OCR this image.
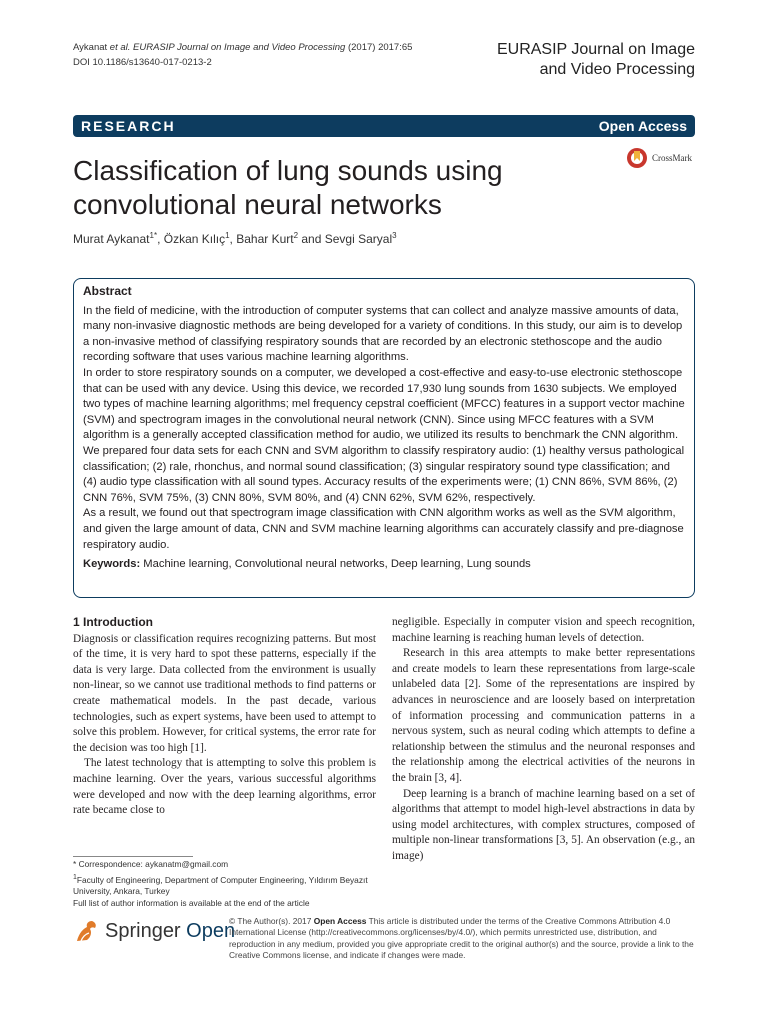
Aykanat et al. EURASIP Journal on Image and Video Processing (2017) 2017:65
DOI 10.1186/s13640-017-0213-2
EURASIP Journal on Image
and Video Processing
RESEARCH	Open Access
Classification of lung sounds using convolutional neural networks
CrossMark
Murat Aykanat$^{1*}$, Özkan Kılıç$^1$, Bahar Kurt$^2$ and Sevgi Saryal$^3$
Abstract

In the field of medicine, with the introduction of computer systems that can collect and analyze massive amounts of data, many non-invasive diagnostic methods are being developed for a variety of conditions. In this study, our aim is to develop a non-invasive method of classifying respiratory sounds that are recorded by an electronic stethoscope and the audio recording software that uses various machine learning algorithms.

In order to store respiratory sounds on a computer, we developed a cost-effective and easy-to-use electronic stethoscope that can be used with any device. Using this device, we recorded 17,930 lung sounds from 1630 subjects. We employed two types of machine learning algorithms; mel frequency cepstral coefficient (MFCC) features in a support vector machine (SVM) and spectrogram images in the convolutional neural network (CNN). Since using MFCC features with a SVM algorithm is a generally accepted classification method for audio, we utilized its results to benchmark the CNN algorithm. We prepared four data sets for each CNN and SVM algorithm to classify respiratory audio: (1) healthy versus pathological classification; (2) rale, rhonchus, and normal sound classification; (3) singular respiratory sound type classification; and (4) audio type classification with all sound types. Accuracy results of the experiments were; (1) CNN 86%, SVM 86%, (2) CNN 76%, SVM 75%, (3) CNN 80%, SVM 80%, and (4) CNN 62%, SVM 62%, respectively.

As a result, we found out that spectrogram image classification with CNN algorithm works as well as the SVM algorithm, and given the large amount of data, CNN and SVM machine learning algorithms can accurately classify and pre-diagnose respiratory audio.

Keywords: Machine learning, Convolutional neural networks, Deep learning, Lung sounds

1 Introduction

Diagnosis or classification requires recognizing patterns. But most of the time, it is very hard to spot these patterns, especially if the data is very large. Data collected from the environment is usually non-linear, so we cannot use traditional methods to find patterns or create mathematical models. In the past decade, various technologies, such as expert systems, have been used to attempt to solve this problem. However, for critical systems, the error rate for the decision was too high [1].

The latest technology that is attempting to solve this problem is machine learning. Over the years, various successful algorithms were developed and now with the deep learning algorithms, error rate became close to

negligible. Especially in computer vision and speech recognition, machine learning is reaching human levels of detection.

Research in this area attempts to make better representations and create models to learn these representations from large-scale unlabeled data [2]. Some of the representations are inspired by advances in neuroscience and are loosely based on interpretation of information processing and communication patterns in a nervous system, such as neural coding which attempts to define a relationship between the stimulus and the neuronal responses and the relationship among the electrical activities of the neurons in the brain [3, 4].

Deep learning is a branch of machine learning based on a set of algorithms that attempt to model high-level abstractions in data by using model architectures, with complex structures, composed of multiple non-linear transformations [3, 5]. An observation (e.g., an image)

* Correspondence: aykanatm@gmail.com

$^1$Faculty of Engineering, Department of Computer Engineering, Yıldırım Beyazıt University, Ankara, Turkey

Full list of author information is available at the end of the article

Springer Open
© The Author(s). 2017 Open Access This article is distributed under the terms of the Creative Commons Attribution 4.0 International License (http://creativecommons.org/licenses/by/4.0/), which permits unrestricted use, distribution, and reproduction in any medium, provided you give appropriate credit to the original author(s) and the source, provide a link to the Creative Commons license, and indicate if changes were made.
